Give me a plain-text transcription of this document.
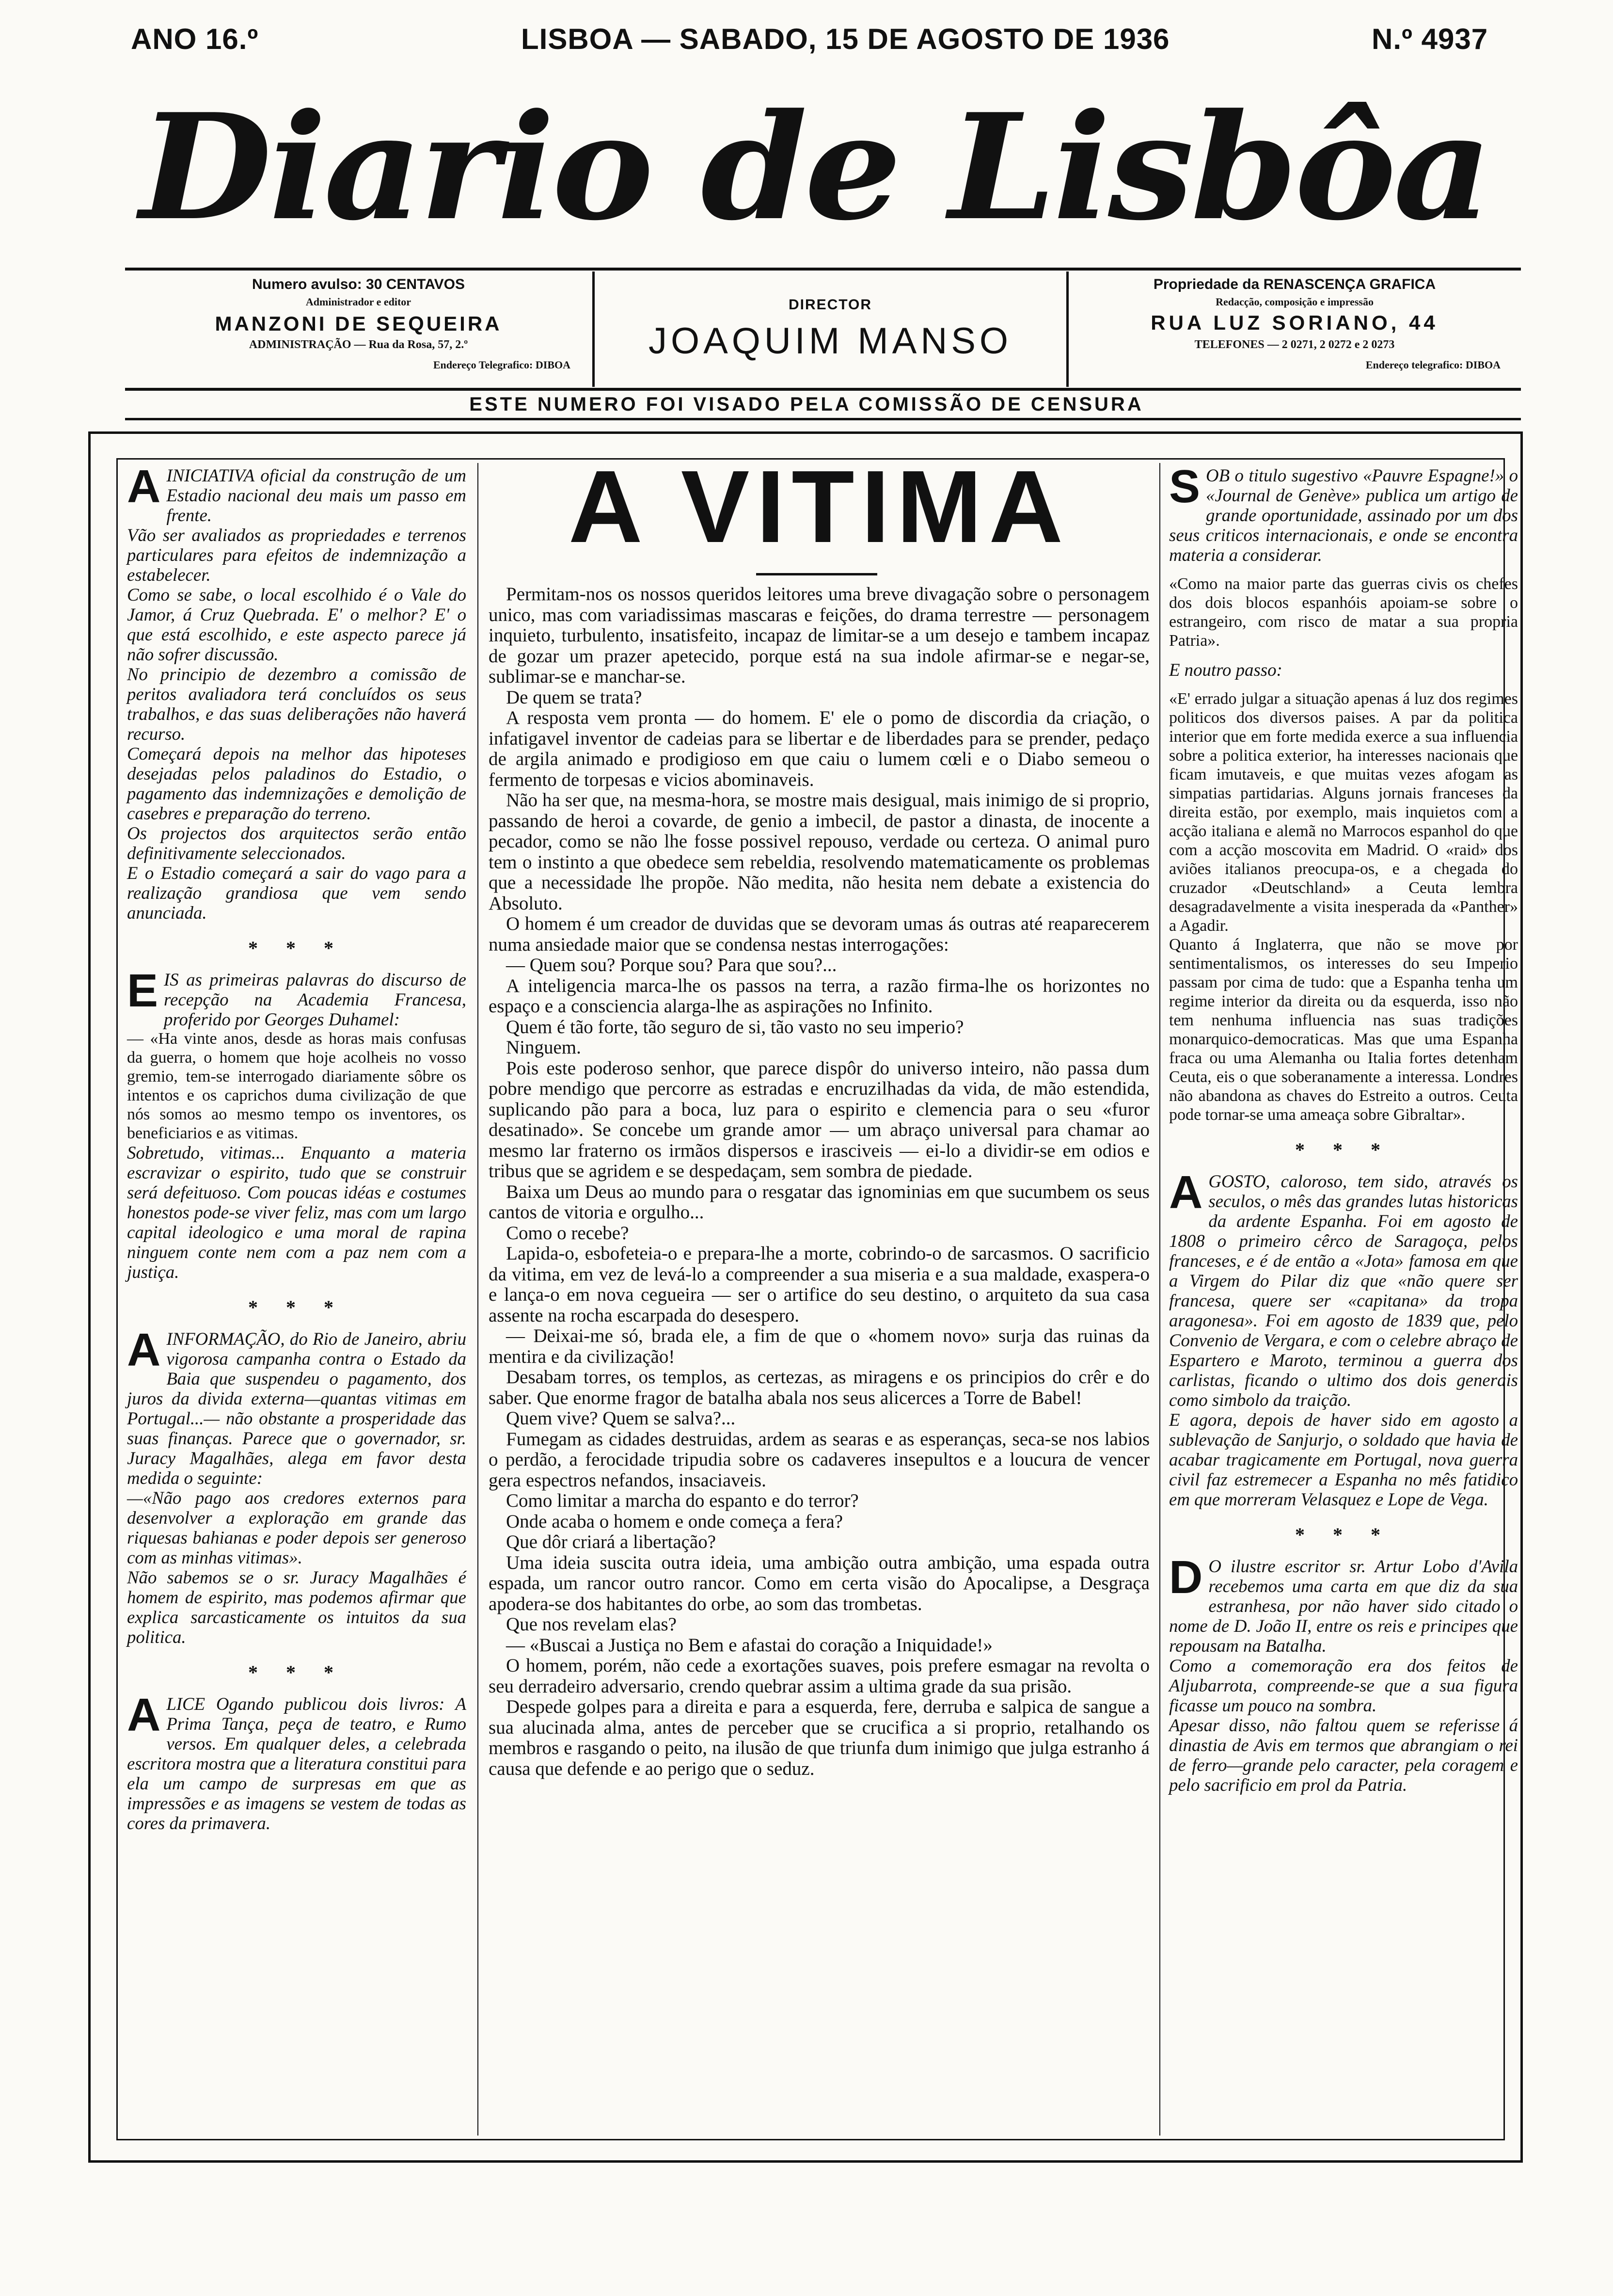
ANO 16.º	LISBOA — SABADO, 15 DE AGOSTO DE 1936	N.º 4937
Diario de Lisbôa
Numero avulso: 30 CENTAVOS
Administrador e editor
MANZONI DE SEQUEIRA
ADMINISTRAÇÃO — Rua da Rosa, 57, 2.º
Endereço Telegrafico: DIBOA
DIRECTOR
JOAQUIM MANSO
Propriedade da RENASCENÇA GRAFICA
Redacção, composição e impressão
RUA LUZ SORIANO, 44
TELEFONES — 2 0271, 2 0272 e 2 0273
Endereço telegrafico: DIBOA
ESTE NUMERO FOI VISADO PELA COMISSÃO DE CENSURA

AINICIATIVA oficial da construção de um Estadio nacional deu mais um passo em frente.

Vão ser avaliados as propriedades e terrenos particulares para efeitos de indemnização a estabelecer.

Como se sabe, o local escolhido é o Vale do Jamor, á Cruz Quebrada. E' o melhor? E' o que está escolhido, e este aspecto parece já não sofrer discussão.

No principio de dezembro a comissão de peritos avaliadora terá concluídos os seus trabalhos, e das suas deliberações não haverá recurso.

Começará depois na melhor das hipoteses desejadas pelos paladinos do Estadio, o pagamento das indemnizações e demolição de casebres e preparação do terreno.

Os projectos dos arquitectos serão então definitivamente seleccionados.

E o Estadio começará a sair do vago para a realização grandiosa que vem sendo anunciada.

* * *

EIS as primeiras palavras do discurso de recepção na Academia Francesa, proferido por Georges Duhamel:

— «Ha vinte anos, desde as horas mais confusas da guerra, o homem que hoje acolheis no vosso gremio, tem-se interrogado diariamente sôbre os intentos e os caprichos duma civilização de que nós somos ao mesmo tempo os inventores, os beneficiarios e as vitimas.

Sobretudo, vitimas... Enquanto a materia escravizar o espirito, tudo que se construir será defeituoso. Com poucas idéas e costumes honestos pode-se viver feliz, mas com um largo capital ideologico e uma moral de rapina ninguem conte nem com a paz nem com a justiça.

* * *

AINFORMAÇÃO, do Rio de Janeiro, abriu vigorosa campanha contra o Estado da Baia que suspendeu o pagamento, dos juros da divida externa—quantas vitimas em Portugal...— não obstante a prosperidade das suas finanças. Parece que o governador, sr. Juracy Magalhães, alega em favor desta medida o seguinte:

—«Não pago aos credores externos para desenvolver a exploração em grande das riquesas bahianas e poder depois ser generoso com as minhas vitimas».

Não sabemos se o sr. Juracy Magalhães é homem de espirito, mas podemos afirmar que explica sarcasticamente os intuitos da sua politica.

* * *

ALICE Ogando publicou dois livros: A Prima Tança, peça de teatro, e Rumo versos. Em qualquer deles, a celebrada escritora mostra que a literatura constitui para ela um campo de surpresas em que as impressões e as imagens se vestem de todas as cores da primavera.

A VITIMA

Permitam-nos os nossos queridos leitores uma breve divagação sobre o personagem unico, mas com variadissimas mascaras e feições, do drama terrestre — personagem inquieto, turbulento, insatisfeito, incapaz de limitar-se a um desejo e tambem incapaz de gozar um prazer apetecido, porque está na sua indole afirmar-se e negar-se, sublimar-se e manchar-se.

De quem se trata?

A resposta vem pronta — do homem. E' ele o pomo de discordia da criação, o infatigavel inventor de cadeias para se libertar e de liberdades para se prender, pedaço de argila animado e prodigioso em que caiu o lumem cœli e o Diabo semeou o fermento de torpesas e vicios abominaveis.

Não ha ser que, na mesma-hora, se mostre mais desigual, mais inimigo de si proprio, passando de heroi a covarde, de genio a imbecil, de pastor a dinasta, de inocente a pecador, como se não lhe fosse possivel repouso, verdade ou certeza. O animal puro tem o instinto a que obedece sem rebeldia, resolvendo matematicamente os problemas que a necessidade lhe propõe. Não medita, não hesita nem debate a existencia do Absoluto.

O homem é um creador de duvidas que se devoram umas ás outras até reaparecerem numa ansiedade maior que se condensa nestas interrogações:

— Quem sou? Porque sou? Para que sou?...

A inteligencia marca-lhe os passos na terra, a razão firma-lhe os horizontes no espaço e a consciencia alarga-lhe as aspirações no Infinito.

Quem é tão forte, tão seguro de si, tão vasto no seu imperio?

Ninguem.

Pois este poderoso senhor, que parece dispôr do universo inteiro, não passa dum pobre mendigo que percorre as estradas e encruzilhadas da vida, de mão estendida, suplicando pão para a boca, luz para o espirito e clemencia para o seu «furor desatinado». Se concebe um grande amor — um abraço universal para chamar ao mesmo lar fraterno os irmãos dispersos e irasciveis — ei-lo a dividir-se em odios e tribus que se agridem e se despedaçam, sem sombra de piedade.

Baixa um Deus ao mundo para o resgatar das ignominias em que sucumbem os seus cantos de vitoria e orgulho...

Como o recebe?

Lapida-o, esbofeteia-o e prepara-lhe a morte, cobrindo-o de sarcasmos. O sacrificio da vitima, em vez de levá-lo a compreender a sua miseria e a sua maldade, exaspera-o e lança-o em nova cegueira — ser o artifice do seu destino, o arquiteto da sua casa assente na rocha escarpada do desespero.

— Deixai-me só, brada ele, a fim de que o «homem novo» surja das ruinas da mentira e da civilização!

Desabam torres, os templos, as certezas, as miragens e os principios do crêr e do saber. Que enorme fragor de batalha abala nos seus alicerces a Torre de Babel!

Quem vive? Quem se salva?...

Fumegam as cidades destruidas, ardem as searas e as esperanças, seca-se nos labios o perdão, a ferocidade tripudia sobre os cadaveres insepultos e a loucura de vencer gera espectros nefandos, insaciaveis.

Como limitar a marcha do espanto e do terror?

Onde acaba o homem e onde começa a fera?

Que dôr criará a libertação?

Uma ideia suscita outra ideia, uma ambição outra ambição, uma espada outra espada, um rancor outro rancor. Como em certa visão do Apocalipse, a Desgraça apodera-se dos habitantes do orbe, ao som das trombetas.

Que nos revelam elas?

— «Buscai a Justiça no Bem e afastai do coração a Iniquidade!»

O homem, porém, não cede a exortações suaves, pois prefere esmagar na revolta o seu derradeiro adversario, crendo quebrar assim a ultima grade da sua prisão.

Despede golpes para a direita e para a esquerda, fere, derruba e salpica de sangue a sua alucinada alma, antes de perceber que se crucifica a si proprio, retalhando os membros e rasgando o peito, na ilusão de que triunfa dum inimigo que julga estranho á causa que defende e ao perigo que o seduz.

SOB o titulo sugestivo «Pauvre Espagne!» o «Journal de Genève» publica um artigo de grande oportunidade, assinado por um dos seus criticos internacionais, e onde se encontra materia a considerar.

«Como na maior parte das guerras civis os chefes dos dois blocos espanhóis apoiam-se sobre o estrangeiro, com risco de matar a sua propria Patria».

E noutro passo:

«E' errado julgar a situação apenas á luz dos regimes politicos dos diversos paises. A par da politica interior que em forte medida exerce a sua influencia sobre a politica exterior, ha interesses nacionais que ficam imutaveis, e que muitas vezes afogam as simpatias partidarias. Alguns jornais franceses da direita estão, por exemplo, mais inquietos com a acção italiana e alemã no Marrocos espanhol do que com a acção moscovita em Madrid. O «raid» dos aviões italianos preocupa-os, e a chegada do cruzador «Deutschland» a Ceuta lembra desagradavelmente a visita inesperada da «Panther» a Agadir.

Quanto á Inglaterra, que não se move por sentimentalismos, os interesses do seu Imperio passam por cima de tudo: que a Espanha tenha um regime interior da direita ou da esquerda, isso não tem nenhuma influencia nas suas tradições monarquico-democraticas. Mas que uma Espanha fraca ou uma Alemanha ou Italia fortes detenham Ceuta, eis o que soberanamente a interessa. Londres não abandona as chaves do Estreito a outros. Ceuta pode tornar-se uma ameaça sobre Gibraltar».

* * *

AGOSTO, caloroso, tem sido, através os seculos, o mês das grandes lutas historicas da ardente Espanha. Foi em agosto de 1808 o primeiro cêrco de Saragoça, pelos franceses, e é de então a «Jota» famosa em que a Virgem do Pilar diz que «não quere ser francesa, quere ser «capitana» da tropa aragonesa». Foi em agosto de 1839 que, pelo Convenio de Vergara, e com o celebre abraço de Espartero e Maroto, terminou a guerra dos carlistas, ficando o ultimo dos dois generais como simbolo da traição.

E agora, depois de haver sido em agosto a sublevação de Sanjurjo, o soldado que havia de acabar tragicamente em Portugal, nova guerra civil faz estremecer a Espanha no mês fatidico em que morreram Velasquez e Lope de Vega.

* * *

D O ilustre escritor sr. Artur Lobo d'Avila recebemos uma carta em que diz da sua estranhesa, por não haver sido citado o nome de D. João II, entre os reis e principes que repousam na Batalha.

Como a comemoração era dos feitos de Aljubarrota, compreende-se que a sua figura ficasse um pouco na sombra.

Apesar disso, não faltou quem se referisse á dinastia de Avis em termos que abrangiam o rei de ferro—grande pelo caracter, pela coragem e pelo sacrificio em prol da Patria.
